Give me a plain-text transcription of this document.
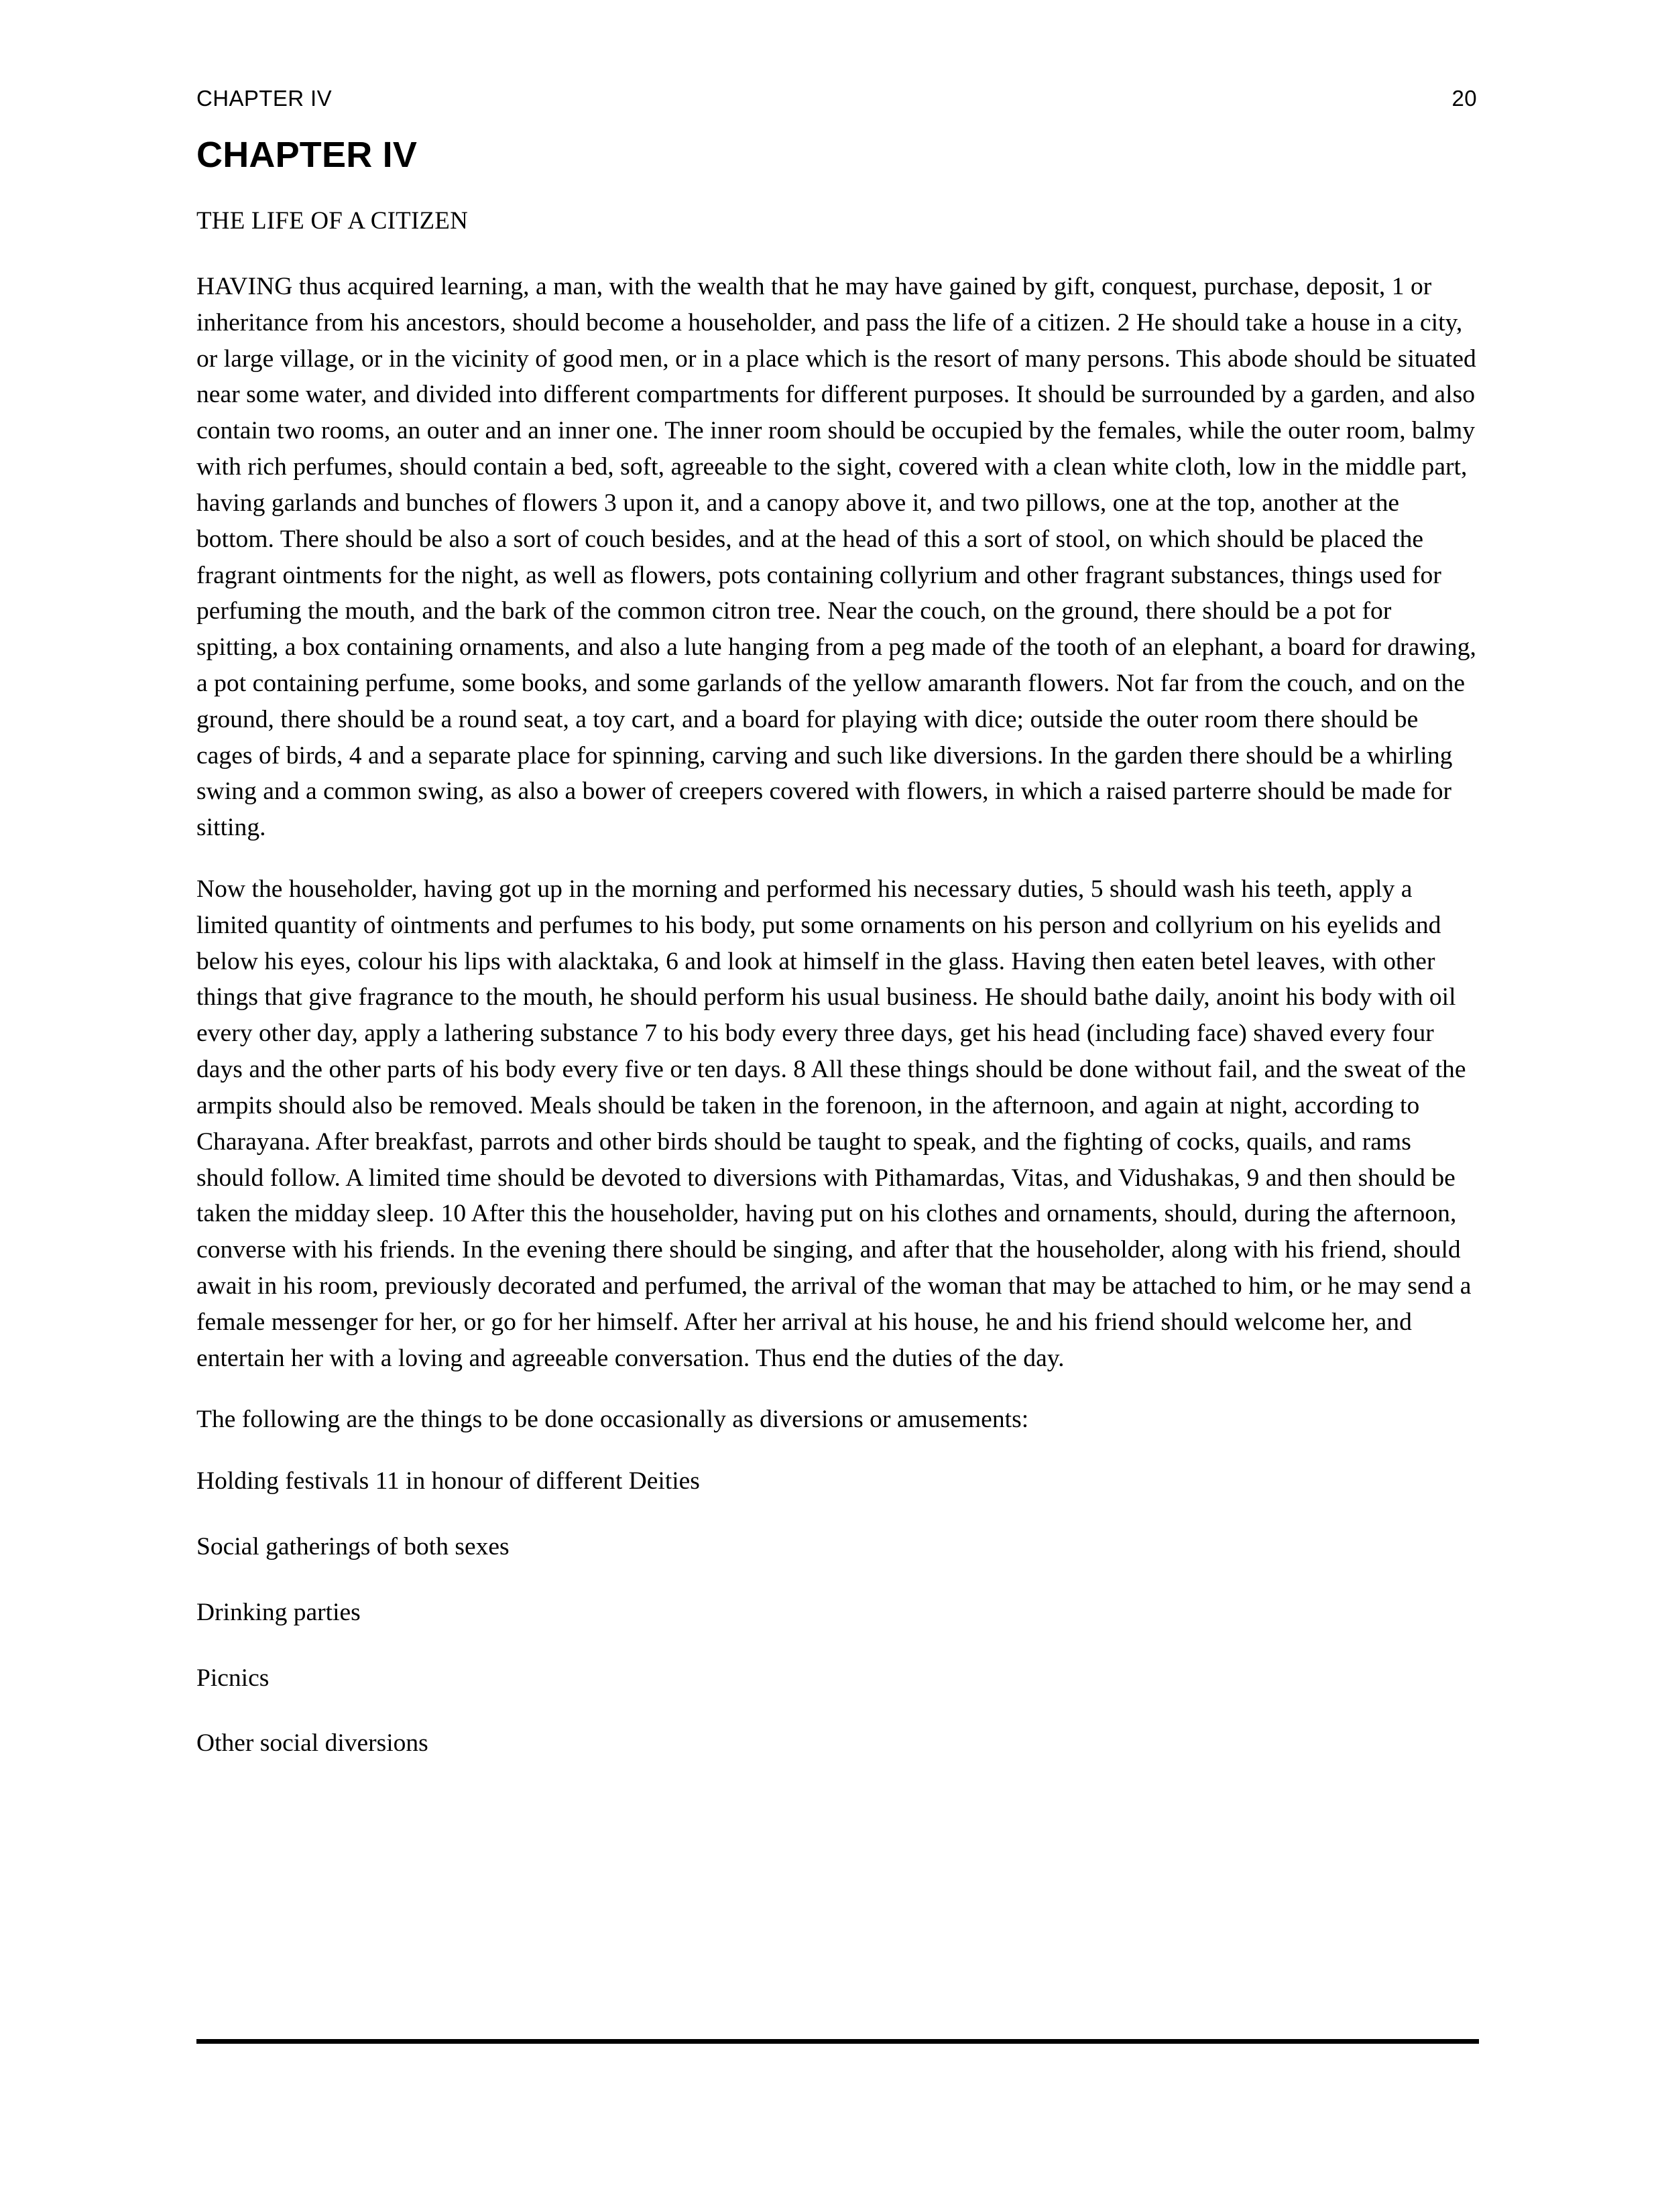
CHAPTER IV	20
CHAPTER IV

THE LIFE OF A CITIZEN

HAVING thus acquired learning, a man, with the wealth that he may have gained by gift, conquest, purchase, deposit, 1 or inheritance from his ancestors, should become a householder, and pass the life of a citizen. 2 He should take a house in a city, or large village, or in the vicinity of good men, or in a place which is the resort of many persons. This abode should be situated near some water, and divided into different compartments for different purposes. It should be surrounded by a garden, and also contain two rooms, an outer and an inner one. The inner room should be occupied by the females, while the outer room, balmy with rich perfumes, should contain a bed, soft, agreeable to the sight, covered with a clean white cloth, low in the middle part, having garlands and bunches of flowers 3 upon it, and a canopy above it, and two pillows, one at the top, another at the bottom. There should be also a sort of couch besides, and at the head of this a sort of stool, on which should be placed the fragrant ointments for the night, as well as flowers, pots containing collyrium and other fragrant substances, things used for perfuming the mouth, and the bark of the common citron tree. Near the couch, on the ground, there should be a pot for spitting, a box containing ornaments, and also a lute hanging from a peg made of the tooth of an elephant, a board for drawing, a pot containing perfume, some books, and some garlands of the yellow amaranth flowers. Not far from the couch, and on the ground, there should be a round seat, a toy cart, and a board for playing with dice; outside the outer room there should be cages of birds, 4 and a separate place for spinning, carving and such like diversions. In the garden there should be a whirling swing and a common swing, as also a bower of creepers covered with flowers, in which a raised parterre should be made for sitting.

Now the householder, having got up in the morning and performed his necessary duties, 5 should wash his teeth, apply a limited quantity of ointments and perfumes to his body, put some ornaments on his person and collyrium on his eyelids and below his eyes, colour his lips with alacktaka, 6 and look at himself in the glass. Having then eaten betel leaves, with other things that give fragrance to the mouth, he should perform his usual business. He should bathe daily, anoint his body with oil every other day, apply a lathering substance 7 to his body every three days, get his head (including face) shaved every four days and the other parts of his body every five or ten days. 8 All these things should be done without fail, and the sweat of the armpits should also be removed. Meals should be taken in the forenoon, in the afternoon, and again at night, according to Charayana. After breakfast, parrots and other birds should be taught to speak, and the fighting of cocks, quails, and rams should follow. A limited time should be devoted to diversions with Pithamardas, Vitas, and Vidushakas, 9 and then should be taken the midday sleep. 10 After this the householder, having put on his clothes and ornaments, should, during the afternoon, converse with his friends. In the evening there should be singing, and after that the householder, along with his friend, should await in his room, previously decorated and perfumed, the arrival of the woman that may be attached to him, or he may send a female messenger for her, or go for her himself. After her arrival at his house, he and his friend should welcome her, and entertain her with a loving and agreeable conversation. Thus end the duties of the day.

The following are the things to be done occasionally as diversions or amusements:

Holding festivals 11 in honour of different Deities

Social gatherings of both sexes

Drinking parties

Picnics

Other social diversions
